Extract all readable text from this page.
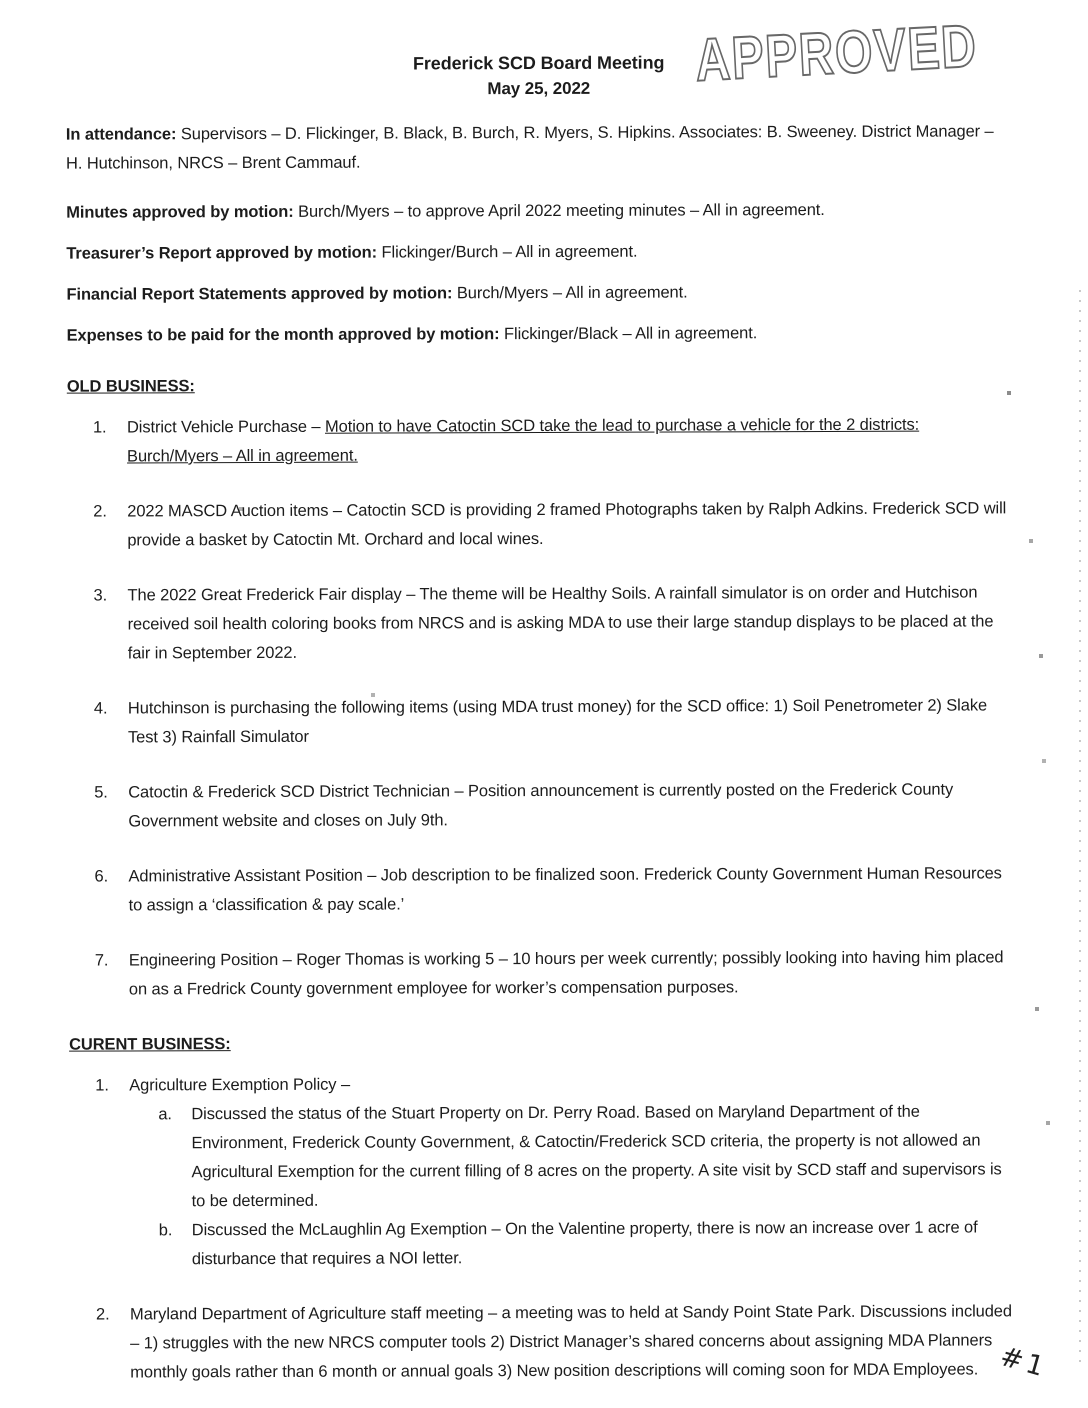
APPROVED
Frederick SCD Board Meeting
May 25, 2022

In attendance: Supervisors – D. Flickinger, B. Black, B. Burch, R. Myers, S. Hipkins. Associates: B. Sweeney. District Manager – H. Hutchinson, NRCS – Brent Cammauf.

Minutes approved by motion: Burch/Myers – to approve April 2022 meeting minutes – All in agreement.

Treasurer’s Report approved by motion: Flickinger/Burch – All in agreement.

Financial Report Statements approved by motion: Burch/Myers – All in agreement.

Expenses to be paid for the month approved by motion: Flickinger/Black – All in agreement.

OLD BUSINESS:
1.	District Vehicle Purchase – Motion to have Catoctin SCD take the lead to purchase a vehicle for the 2 districts: Burch/Myers – All in agreement.
2.	2022 MASCD Auction items – Catoctin SCD is providing 2 framed Photographs taken by Ralph Adkins. Frederick SCD will provide a basket by Catoctin Mt. Orchard and local wines.
3.	The 2022 Great Frederick Fair display – The theme will be Healthy Soils. A rainfall simulator is on order and Hutchison received soil health coloring books from NRCS and is asking MDA to use their large standup displays to be placed at the fair in September 2022.
4.	Hutchinson is purchasing the following items (using MDA trust money) for the SCD office: 1) Soil Penetrometer 2) Slake Test 3) Rainfall Simulator
5.	Catoctin & Frederick SCD District Technician – Position announcement is currently posted on the Frederick County Government website and closes on July 9th.
6.	Administrative Assistant Position – Job description to be finalized soon. Frederick County Government Human Resources to assign a ‘classification & pay scale.’
7.	Engineering Position – Roger Thomas is working 5 – 10 hours per week currently; possibly looking into having him placed on as a Fredrick County government employee for worker’s compensation purposes.
CURENT BUSINESS:
1.	Agriculture Exemption Policy –
a.	Discussed the status of the Stuart Property on Dr. Perry Road. Based on Maryland Department of the Environment, Frederick County Government, & Catoctin/Frederick SCD criteria, the property is not allowed an Agricultural Exemption for the current filling of 8 acres on the property. A site visit by SCD staff and supervisors is to be determined.
b.	Discussed the McLaughlin Ag Exemption – On the Valentine property, there is now an increase over 1 acre of disturbance that requires a NOI letter.
2.	Maryland Department of Agriculture staff meeting – a meeting was to held at Sandy Point State Park. Discussions included – 1) struggles with the new NRCS computer tools 2) District Manager’s shared concerns about assigning MDA Planners monthly goals rather than 6 month or annual goals 3) New position descriptions will coming soon for MDA Employees. #1
